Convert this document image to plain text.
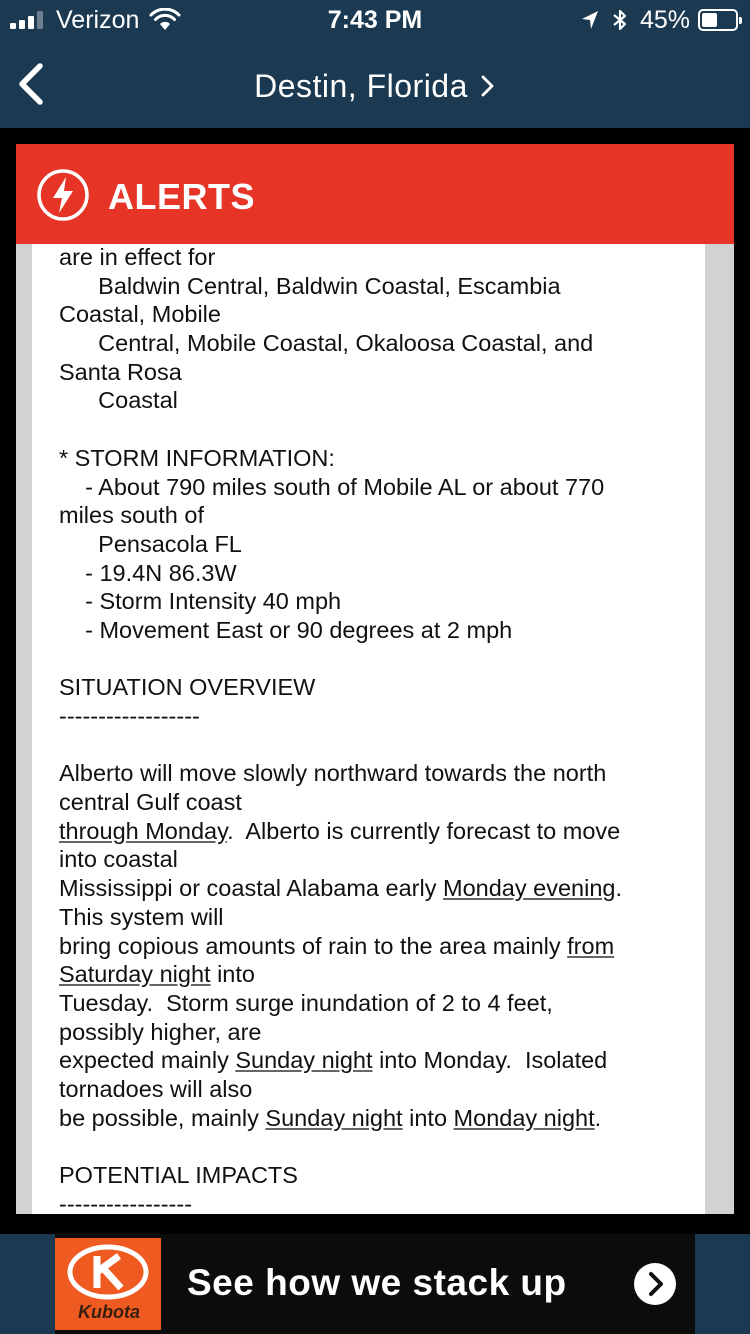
Verizon	7:43 PM	45%
Destin, Florida
ALERTS
are in effect for
Baldwin Central, Baldwin Coastal, Escambia
Coastal, Mobile
Central, Mobile Coastal, Okaloosa Coastal, and
Santa Rosa
Coastal
* STORM INFORMATION:
- About 790 miles south of Mobile AL or about 770
miles south of
Pensacola FL
- 19.4N 86.3W
- Storm Intensity 40 mph
- Movement East or 90 degrees at 2 mph
SITUATION OVERVIEW
------------------
Alberto will move slowly northward towards the north
central Gulf coast
through Monday.  Alberto is currently forecast to move
into coastal
Mississippi or coastal Alabama early Monday evening.
This system will
bring copious amounts of rain to the area mainly from
Saturday night into
Tuesday.  Storm surge inundation of 2 to 4 feet,
possibly higher, are
expected mainly Sunday night into Monday.  Isolated
tornadoes will also
be possible, mainly Sunday night into Monday night.
POTENTIAL IMPACTS
-----------------
Kubota
See how we stack up
